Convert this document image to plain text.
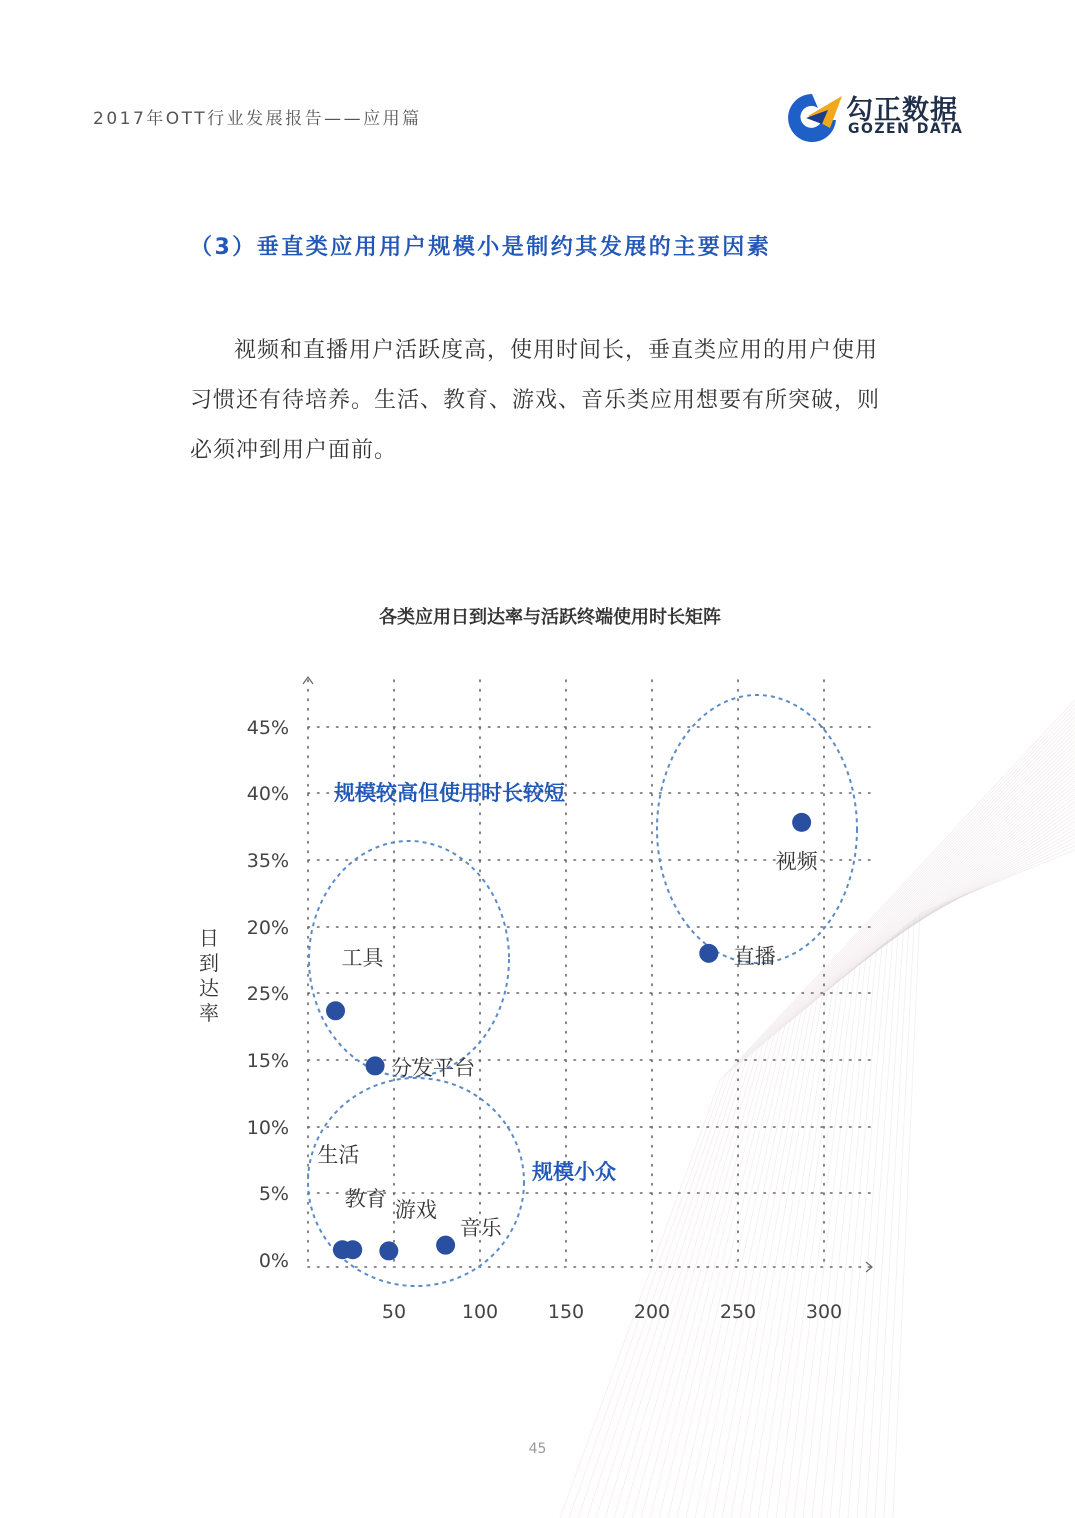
2017年OTT行业发展报告——应用篇	勾正数据
GOZEN DATA
（3）垂直类应用用户规模小是制约其发展的主要因素

视频和直播用户活跃度高，使用时间长，垂直类应用的用户使用习惯还有待培养。生活、教育、游戏、音乐类应用想要有所突破，则必须冲到用户面前。

各类应用日到达率与活跃终端使用时长矩阵
0%
5%
10%
15%
25%
20%
35%
40%
45%
50	100	150	200	250	300
日
到
达
率
视频
直播
工具
分发平台
生活
教育 游戏
音乐
规模较高但使用时长较短
规模小众
45
